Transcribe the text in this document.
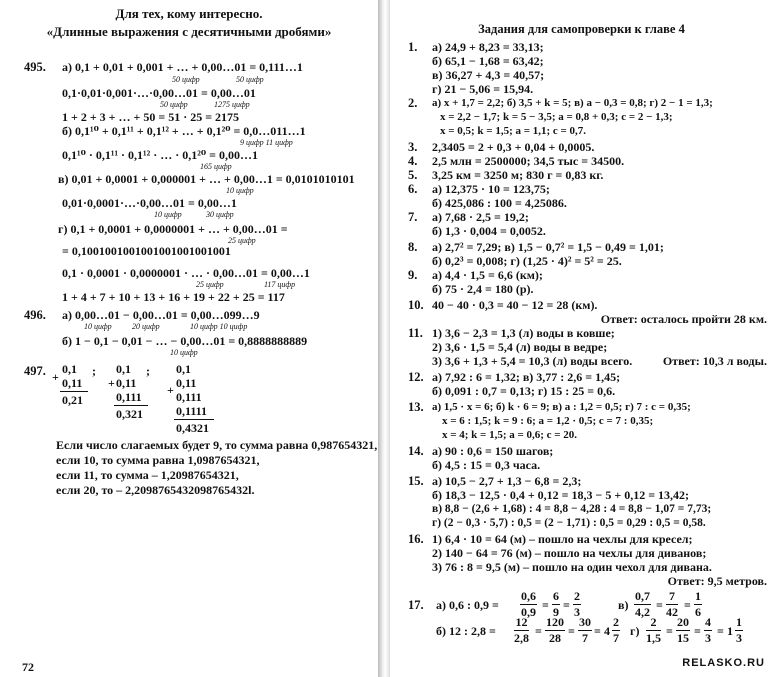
Для тех, кому интересно.
«Длинные выражения с десятичными дробями»
495. а) 0,1 + 0,01 + 0,001 + … + 0,00…01 = 0,111…1
50 цифр	50 цифр
0,1·0,01·0,001·…·0,00…01 = 0,00…01
50 цифр	1275 цифр
1 + 2 + 3 + … + 50 = 51 · 25 = 2175
б) 0,1¹⁰ + 0,1¹¹ + 0,1¹² + … + 0,1²⁰ = 0,0…011…1
9 цифр 11 цифр
0,1¹⁰ · 0,1¹¹ · 0,1¹² · … · 0,1²⁰ = 0,00…1
165 цифр
в) 0,01 + 0,0001 + 0,000001 + … + 0,00…1 = 0,0101010101
10 цифр
0,01·0,0001·…·0,00…01 = 0,00…1
10 цифр	30 цифр
г) 0,1 + 0,0001 + 0,0000001 + … + 0,00…01 =
25 цифр
= 0,1001001001001001001001001
0,1 · 0,0001 · 0,0000001 · … · 0,00…01 = 0,00…1
25 цифр	117 цифр
1 + 4 + 7 + 10 + 13 + 16 + 19 + 22 + 25 = 117
496. а) 0,00…01 − 0,00…01 = 0,00…099…9
10 цифр	20 цифр	10 цифр 10 цифр
б) 1 − 0,1 − 0,01 − … − 0,00…01 = 0,8888888889
10 цифр
497. 0,1
+ 0,11
0,21
; 0,1
0,11
0,111
0,321
+
; 0,1
0,11
0,111
0,1111
0,4321
+
Если число слагаемых будет 9, то сумма равна 0,987654321,
если 10, то сумма равна 1,0987654321,
если 11, то сумма – 1,20987654321,
если 20, то – 2,2098765432098765432l.
72
Задания для самопроверки к главе 4
1. а) 24,9 + 8,23 = 33,13;
б) 65,1 − 1,68 = 63,42;
в) 36,27 + 4,3 = 40,57;
г) 21 − 5,06 = 15,94.
2. а) x + 1,7 = 2,2; б) 3,5 + k = 5; в) a − 0,3 = 0,8; г) 2 − 1 = 1,3;
x = 2,2 − 1,7; k = 5 − 3,5; a = 0,8 + 0,3; c = 2 − 1,3;
x = 0,5; k = 1,5; a = 1,1; c = 0,7.
3. 2,3405 = 2 + 0,3 + 0,04 + 0,0005.
4. 2,5 млн = 2500000; 34,5 тыс = 34500.
5. 3,25 км = 3250 м; 830 г = 0,83 кг.
6. а) 12,375 · 10 = 123,75;
б) 425,086 : 100 = 4,25086.
7. а) 7,68 · 2,5 = 19,2;
б) 1,3 · 0,004 = 0,0052.
8. а) 2,7² = 7,29; в) 1,5 − 0,7² = 1,5 − 0,49 = 1,01;
б) 0,2³ = 0,008; г) (1,25 · 4)² = 5² = 25.
9. а) 4,4 · 1,5 = 6,6 (км);
б) 75 · 2,4 = 180 (р).
10. 40 − 40 · 0,3 = 40 − 12 = 28 (км).
Ответ: осталось пройти 28 км.
11. 1) 3,6 − 2,3 = 1,3 (л) воды в ковше;
2) 3,6 · 1,5 = 5,4 (л) воды в ведре;
3) 3,6 + 1,3 + 5,4 = 10,3 (л) воды всего.	Ответ: 10,3 л воды.
12. а) 7,92 : 6 = 1,32; в) 3,77 : 2,6 = 1,45;
б) 0,091 : 0,7 = 0,13; г) 15 : 25 = 0,6.
13. а) 1,5 · x = 6; б) k · 6 = 9; в) a : 1,2 = 0,5; г) 7 : c = 0,35;
x = 6 : 1,5; k = 9 : 6; a = 1,2 · 0,5; c = 7 : 0,35;
x = 4; k = 1,5; a = 0,6; c = 20.
14. а) 90 : 0,6 = 150 шагов;
б) 4,5 : 15 = 0,3 часа.
15. а) 10,5 − 2,7 + 1,3 − 6,8 = 2,3;
б) 18,3 − 12,5 · 0,4 + 0,12 = 18,3 − 5 + 0,12 = 13,42;
в) 8,8 − (2,6 + 1,68) : 4 = 8,8 − 4,28 : 4 = 8,8 − 1,07 = 7,73;
г) (2 − 0,3 · 5,7) : 0,5 = (2 − 1,71) : 0,5 = 0,29 : 0,5 = 0,58.
16. 1) 6,4 · 10 = 64 (м) – пошло на чехлы для кресел;
2) 140 − 64 = 76 (м) – пошло на чехлы для диванов;
3) 76 : 8 = 9,5 (м) – пошло на один чехол для дивана.
Ответ: 9,5 метров.
17. а) 0,6 : $0,9 = \frac{0,6}{0,9} = \frac{6}{9} = \frac{2}{3}$	$в) \frac{0,7}{4,2} = \frac{7}{42} = \frac{1}{6}$
б) 12 : $2,8 = \frac{12}{2,8} = \frac{120}{28} = \frac{30}{7} = 4 \frac{2}{7} г) \frac{2}{1,5} = \frac{20}{15} = \frac{4}{3} = 1 \frac{1}{3}$
RELASKO.RU
